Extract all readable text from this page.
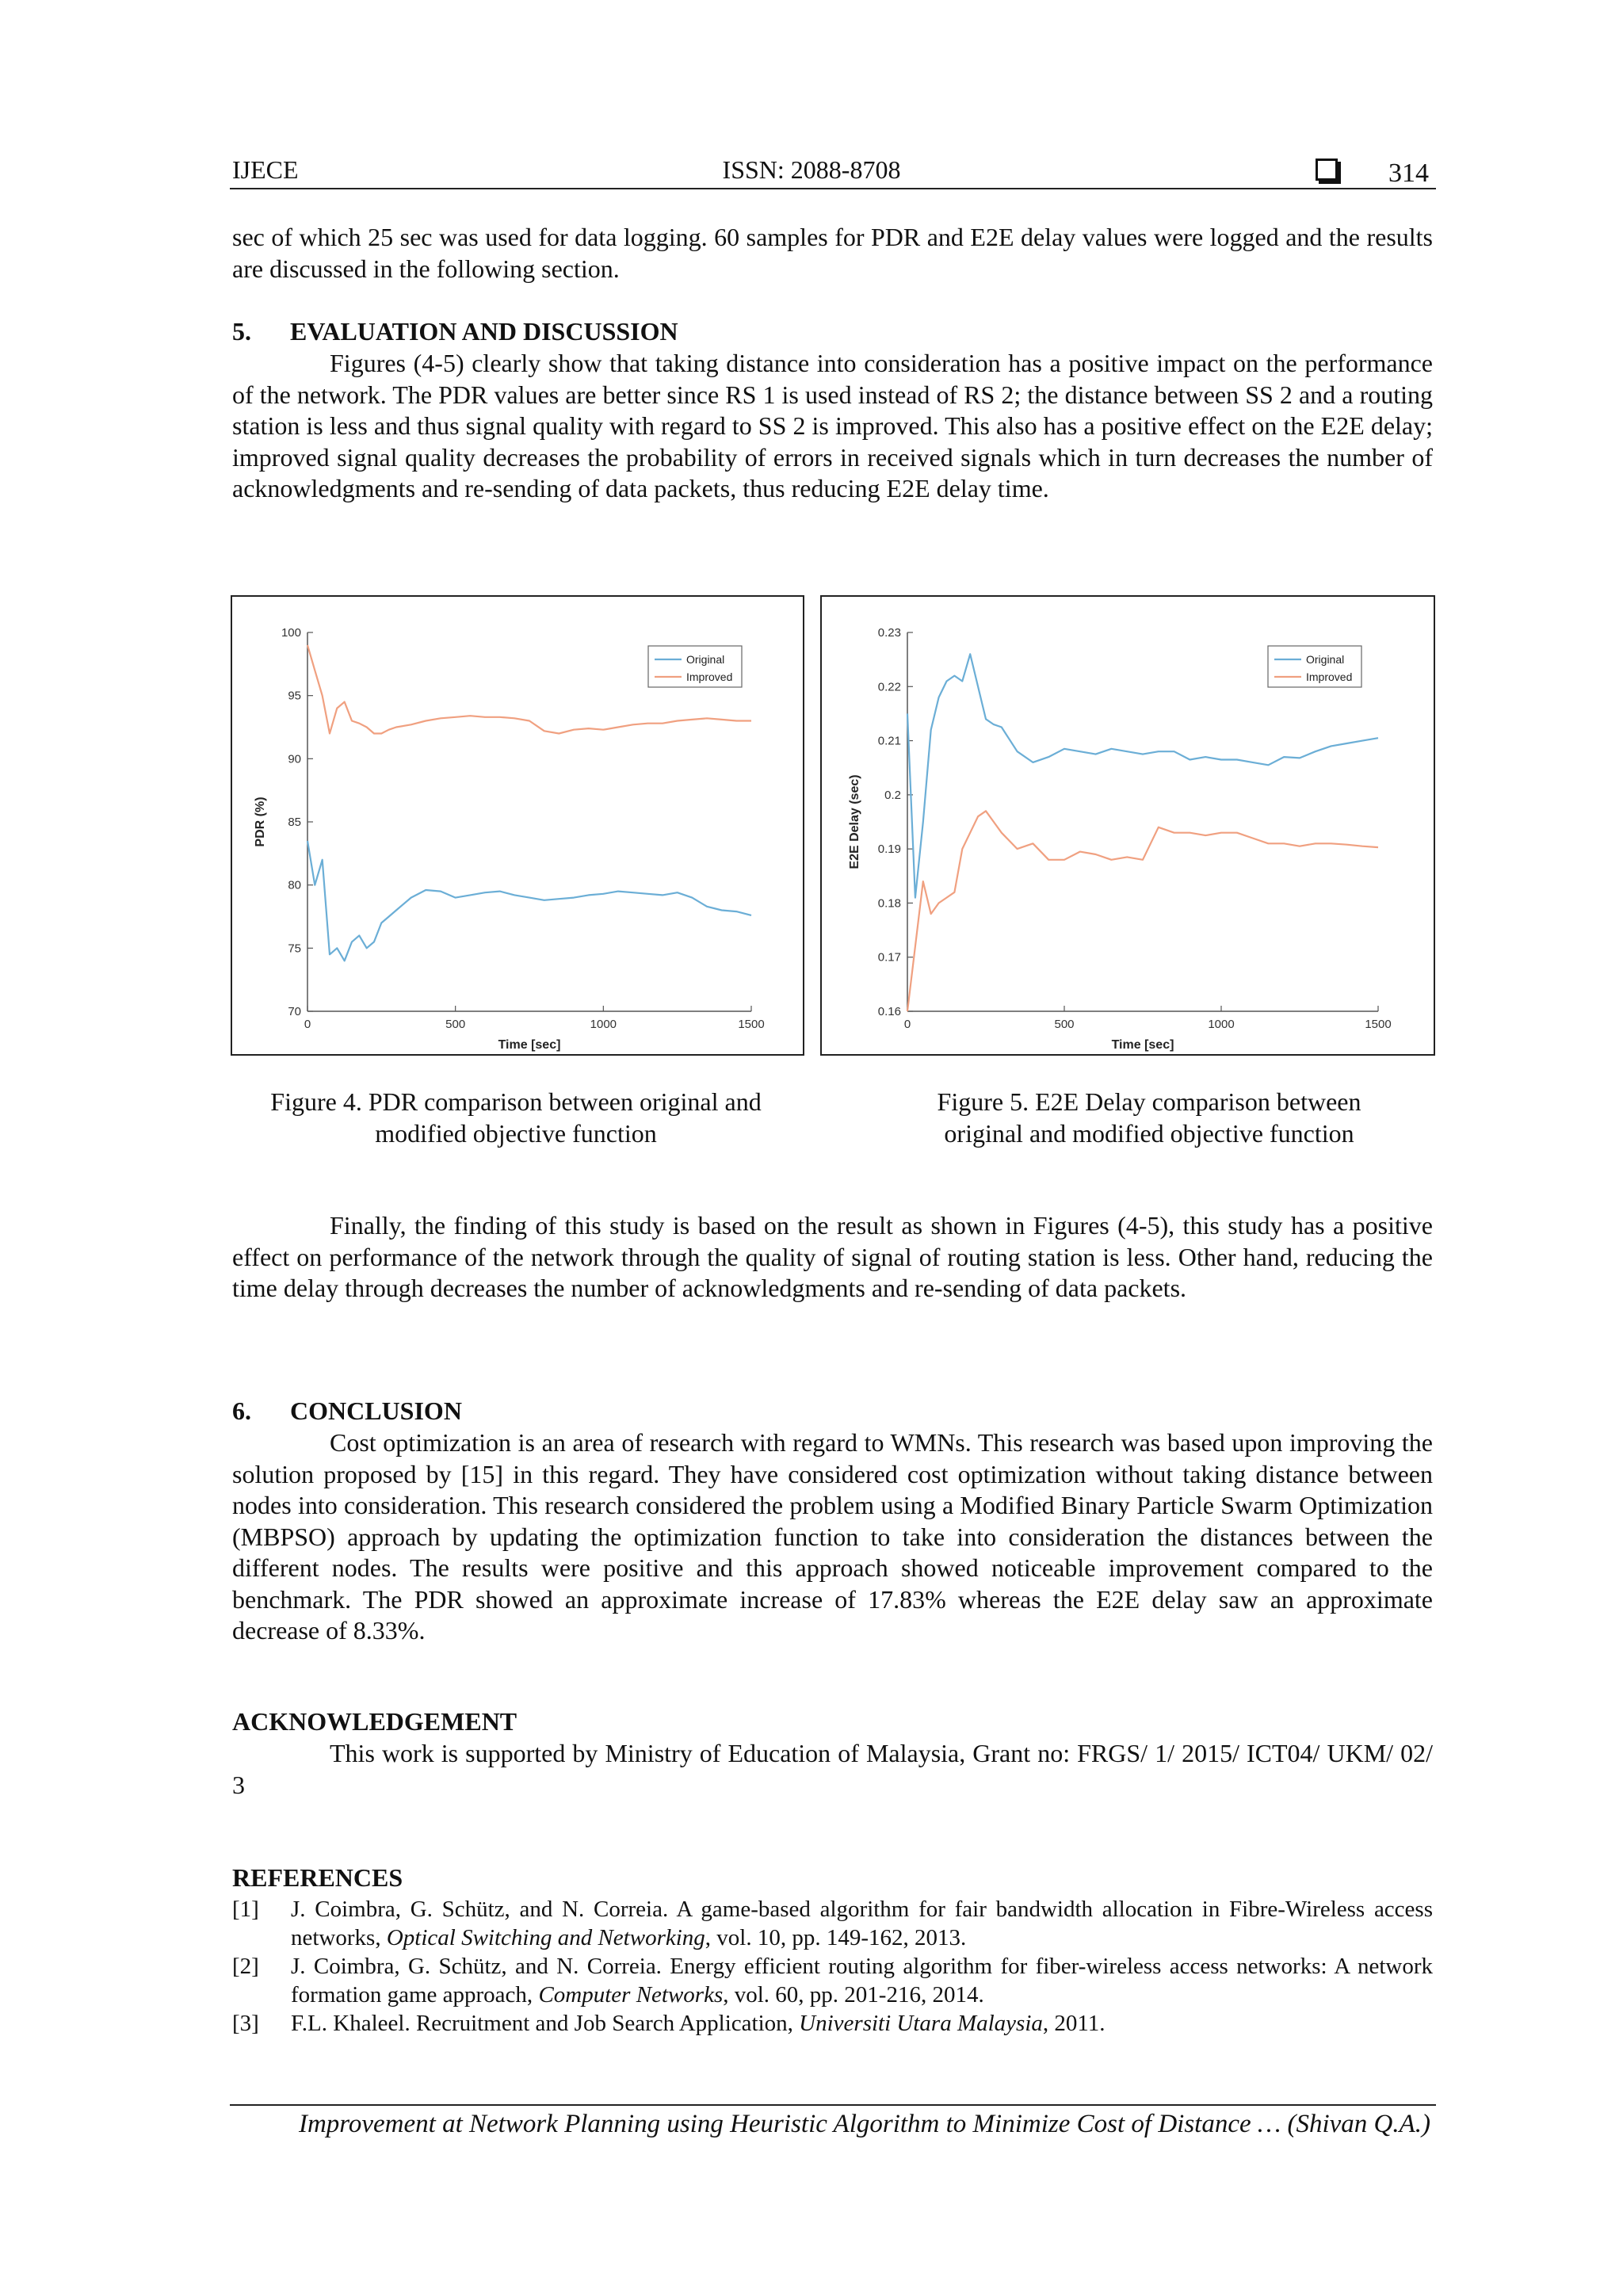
IJECE	ISSN: 2088-8708	314
sec of which 25 sec was used for data logging. 60 samples for PDR and E2E delay values were logged and the results are discussed in the following section.
5. EVALUATION AND DISCUSSION
Figures (4-5) clearly show that taking distance into consideration has a positive impact on the performance of the network. The PDR values are better since RS 1 is used instead of RS 2; the distance between SS 2 and a routing station is less and thus signal quality with regard to SS 2 is improved. This also has a positive effect on the E2E delay; improved signal quality decreases the probability of errors in received signals which in turn decreases the number of acknowledgments and re-sending of data packets, thus reducing E2E delay time.
70
75
80
85
90
95
100
0	500	1000	1500
Time [sec]
PDR (%)
Original
Improved
0.16
0.17
0.18
0.19
0.2
0.21
0.22
0.23
0	500	1000	1500
Time [sec]
E2E Delay (sec)
Original
Improved
Figure 4. PDR comparison between original and
modified objective function
Figure 5. E2E Delay comparison between
original and modified objective function
Finally, the finding of this study is based on the result as shown in Figures (4-5), this study has a positive effect on performance of the network through the quality of signal of routing station is less. Other hand, reducing the time delay through decreases the number of acknowledgments and re-sending of data packets.
6. CONCLUSION
Cost optimization is an area of research with regard to WMNs. This research was based upon improving the solution proposed by [15] in this regard. They have considered cost optimization without taking distance between nodes into consideration. This research considered the problem using a Modified Binary Particle Swarm Optimization (MBPSO) approach by updating the optimization function to take into consideration the distances between the different nodes. The results were positive and this approach showed noticeable improvement compared to the benchmark. The PDR showed an approximate increase of 17.83% whereas the E2E delay saw an approximate decrease of 8.33%.
ACKNOWLEDGEMENT
This work is supported by Ministry of Education of Malaysia, Grant no: FRGS/ 1/ 2015/ ICT04/ UKM/ 02/ 3
REFERENCES
[1] J. Coimbra, G. Schütz, and N. Correia. A game-based algorithm for fair bandwidth allocation in Fibre-Wireless access networks, Optical Switching and Networking, vol. 10, pp. 149-162, 2013.
[2] J. Coimbra, G. Schütz, and N. Correia. Energy efficient routing algorithm for fiber-wireless access networks: A network formation game approach, Computer Networks, vol. 60, pp. 201-216, 2014.
[3] F.L. Khaleel. Recruitment and Job Search Application, Universiti Utara Malaysia, 2011.
Improvement at Network Planning using Heuristic Algorithm to Minimize Cost of Distance … (Shivan Q.A.)
